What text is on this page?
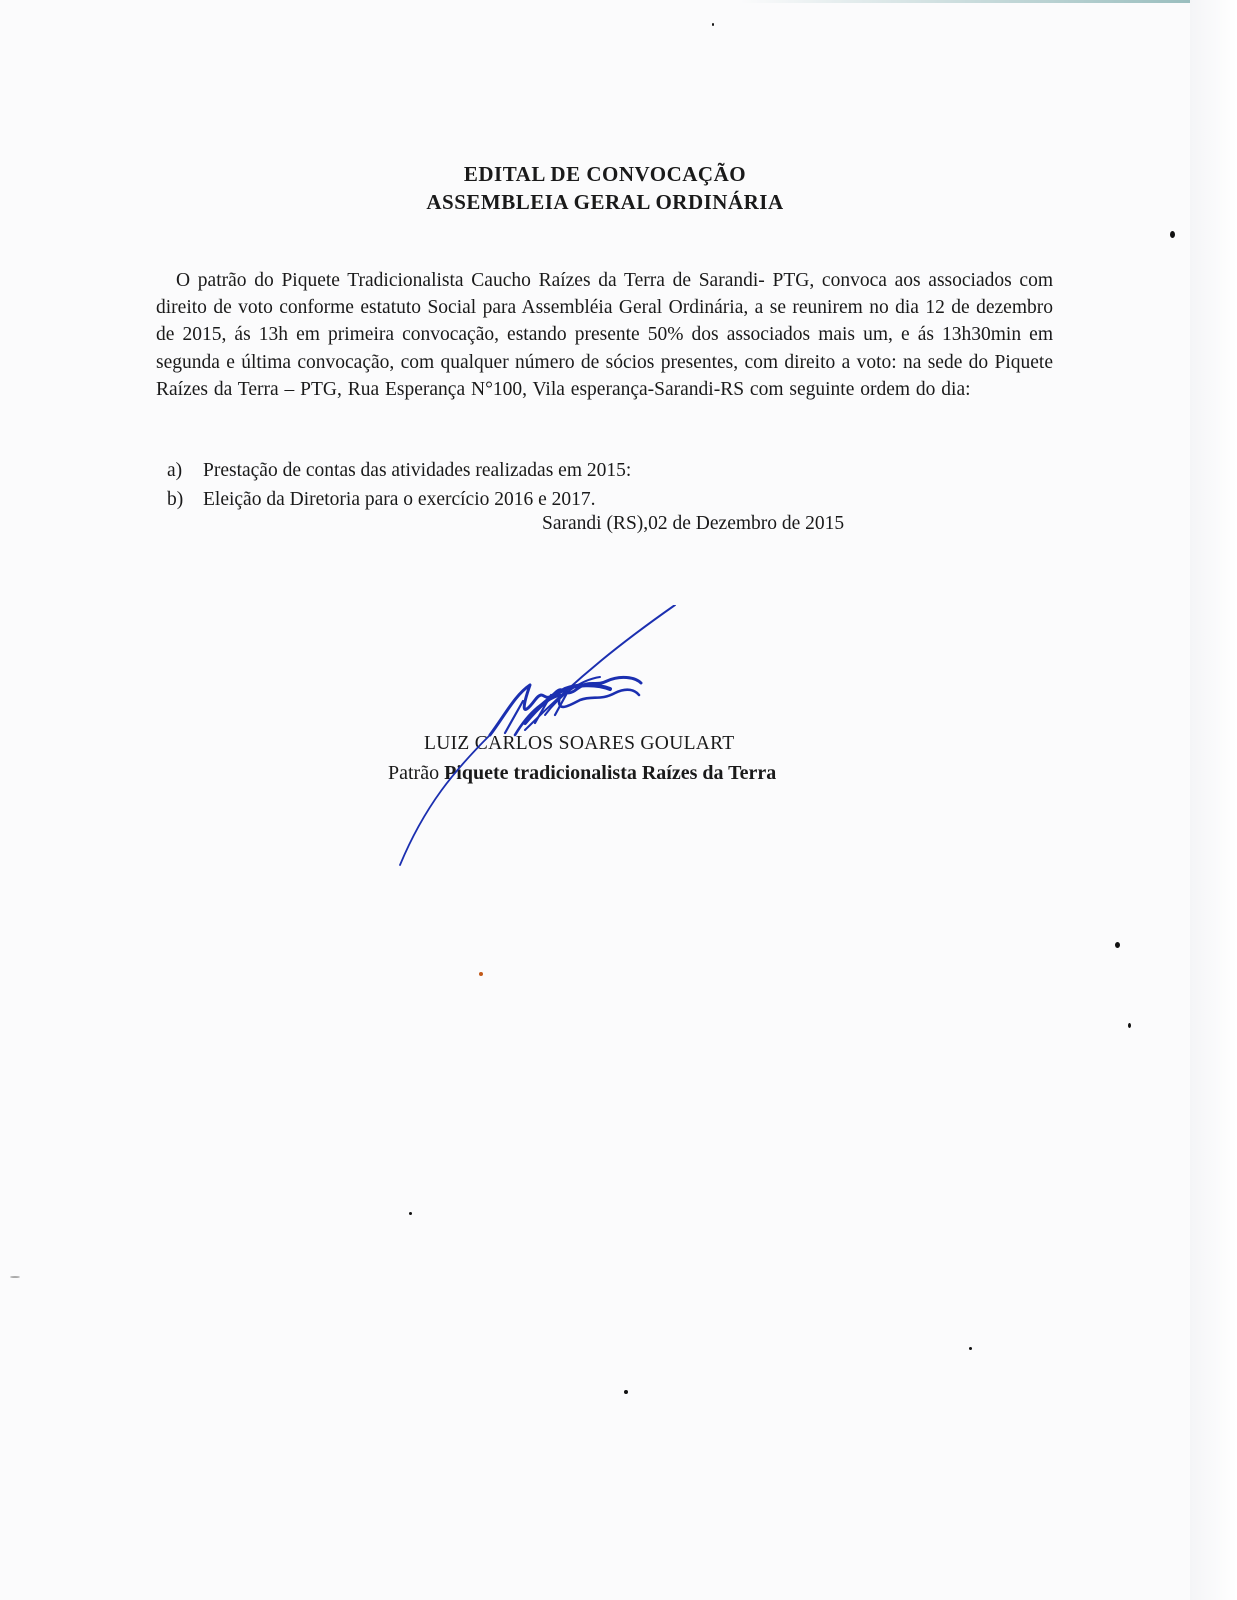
EDITAL DE CONVOCAÇÃO
ASSEMBLEIA GERAL ORDINÁRIA
O patrão do Piquete Tradicionalista Caucho Raízes da Terra de Sarandi- PTG, convoca aos associados com direito de voto conforme estatuto Social para Assembléia Geral Ordinária, a se reunirem no dia 12 de dezembro de 2015, ás 13h em primeira convocação, estando presente 50% dos associados mais um, e ás 13h30min em segunda e última convocação, com qualquer número de sócios presentes, com direito a voto: na sede do Piquete Raízes da Terra – PTG, Rua Esperança N°100, Vila esperança-Sarandi-RS com seguinte ordem do dia:
a) Prestação de contas das atividades realizadas em 2015:
b) Eleição da Diretoria para o exercício 2016 e 2017.
Sarandi (RS),02 de Dezembro de 2015
LUIZ CARLOS SOARES GOULART
Patrão Piquete tradicionalista Raízes da Terra
